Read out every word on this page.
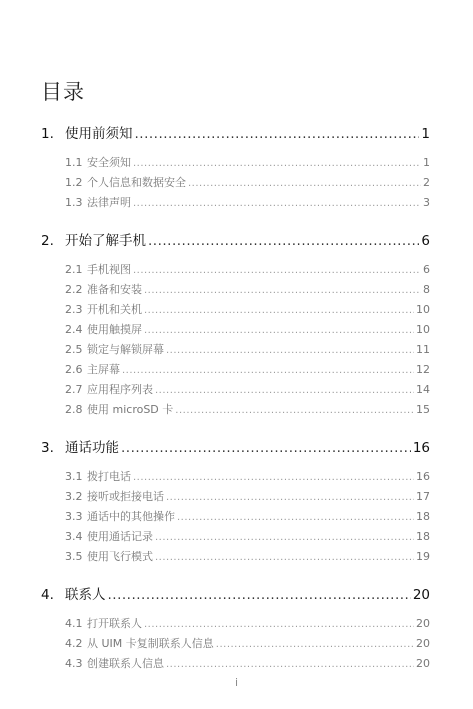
目录
1. 使用前须知 .....	1
1.1 安全须知 .....	1
1.2 个人信息和数据安全 .....	2
1.3 法律声明 .....	3
2. 开始了解手机 .....	6
2.1 手机视图 .....	6
2.2 准备和安装 .....	8
2.3 开机和关机 .....	10
2.4 使用触摸屏 .....	10
2.5 锁定与解锁屏幕 .....	11
2.6 主屏幕 .....	12
2.7 应用程序列表 .....	14
2.8 使用 microSD 卡 .....	15
3. 通话功能 .....	16
3.1 拨打电话 .....	16
3.2 接听或拒接电话 .....	17
3.3 通话中的其他操作 .....	18
3.4 使用通话记录 .....	18
3.5 使用飞行模式 .....	19
4. 联系人 .....	20
4.1 打开联系人 .....	20
4.2 从 UIM 卡复制联系人信息 .....	20
4.3 创建联系人信息 .....	20
i
